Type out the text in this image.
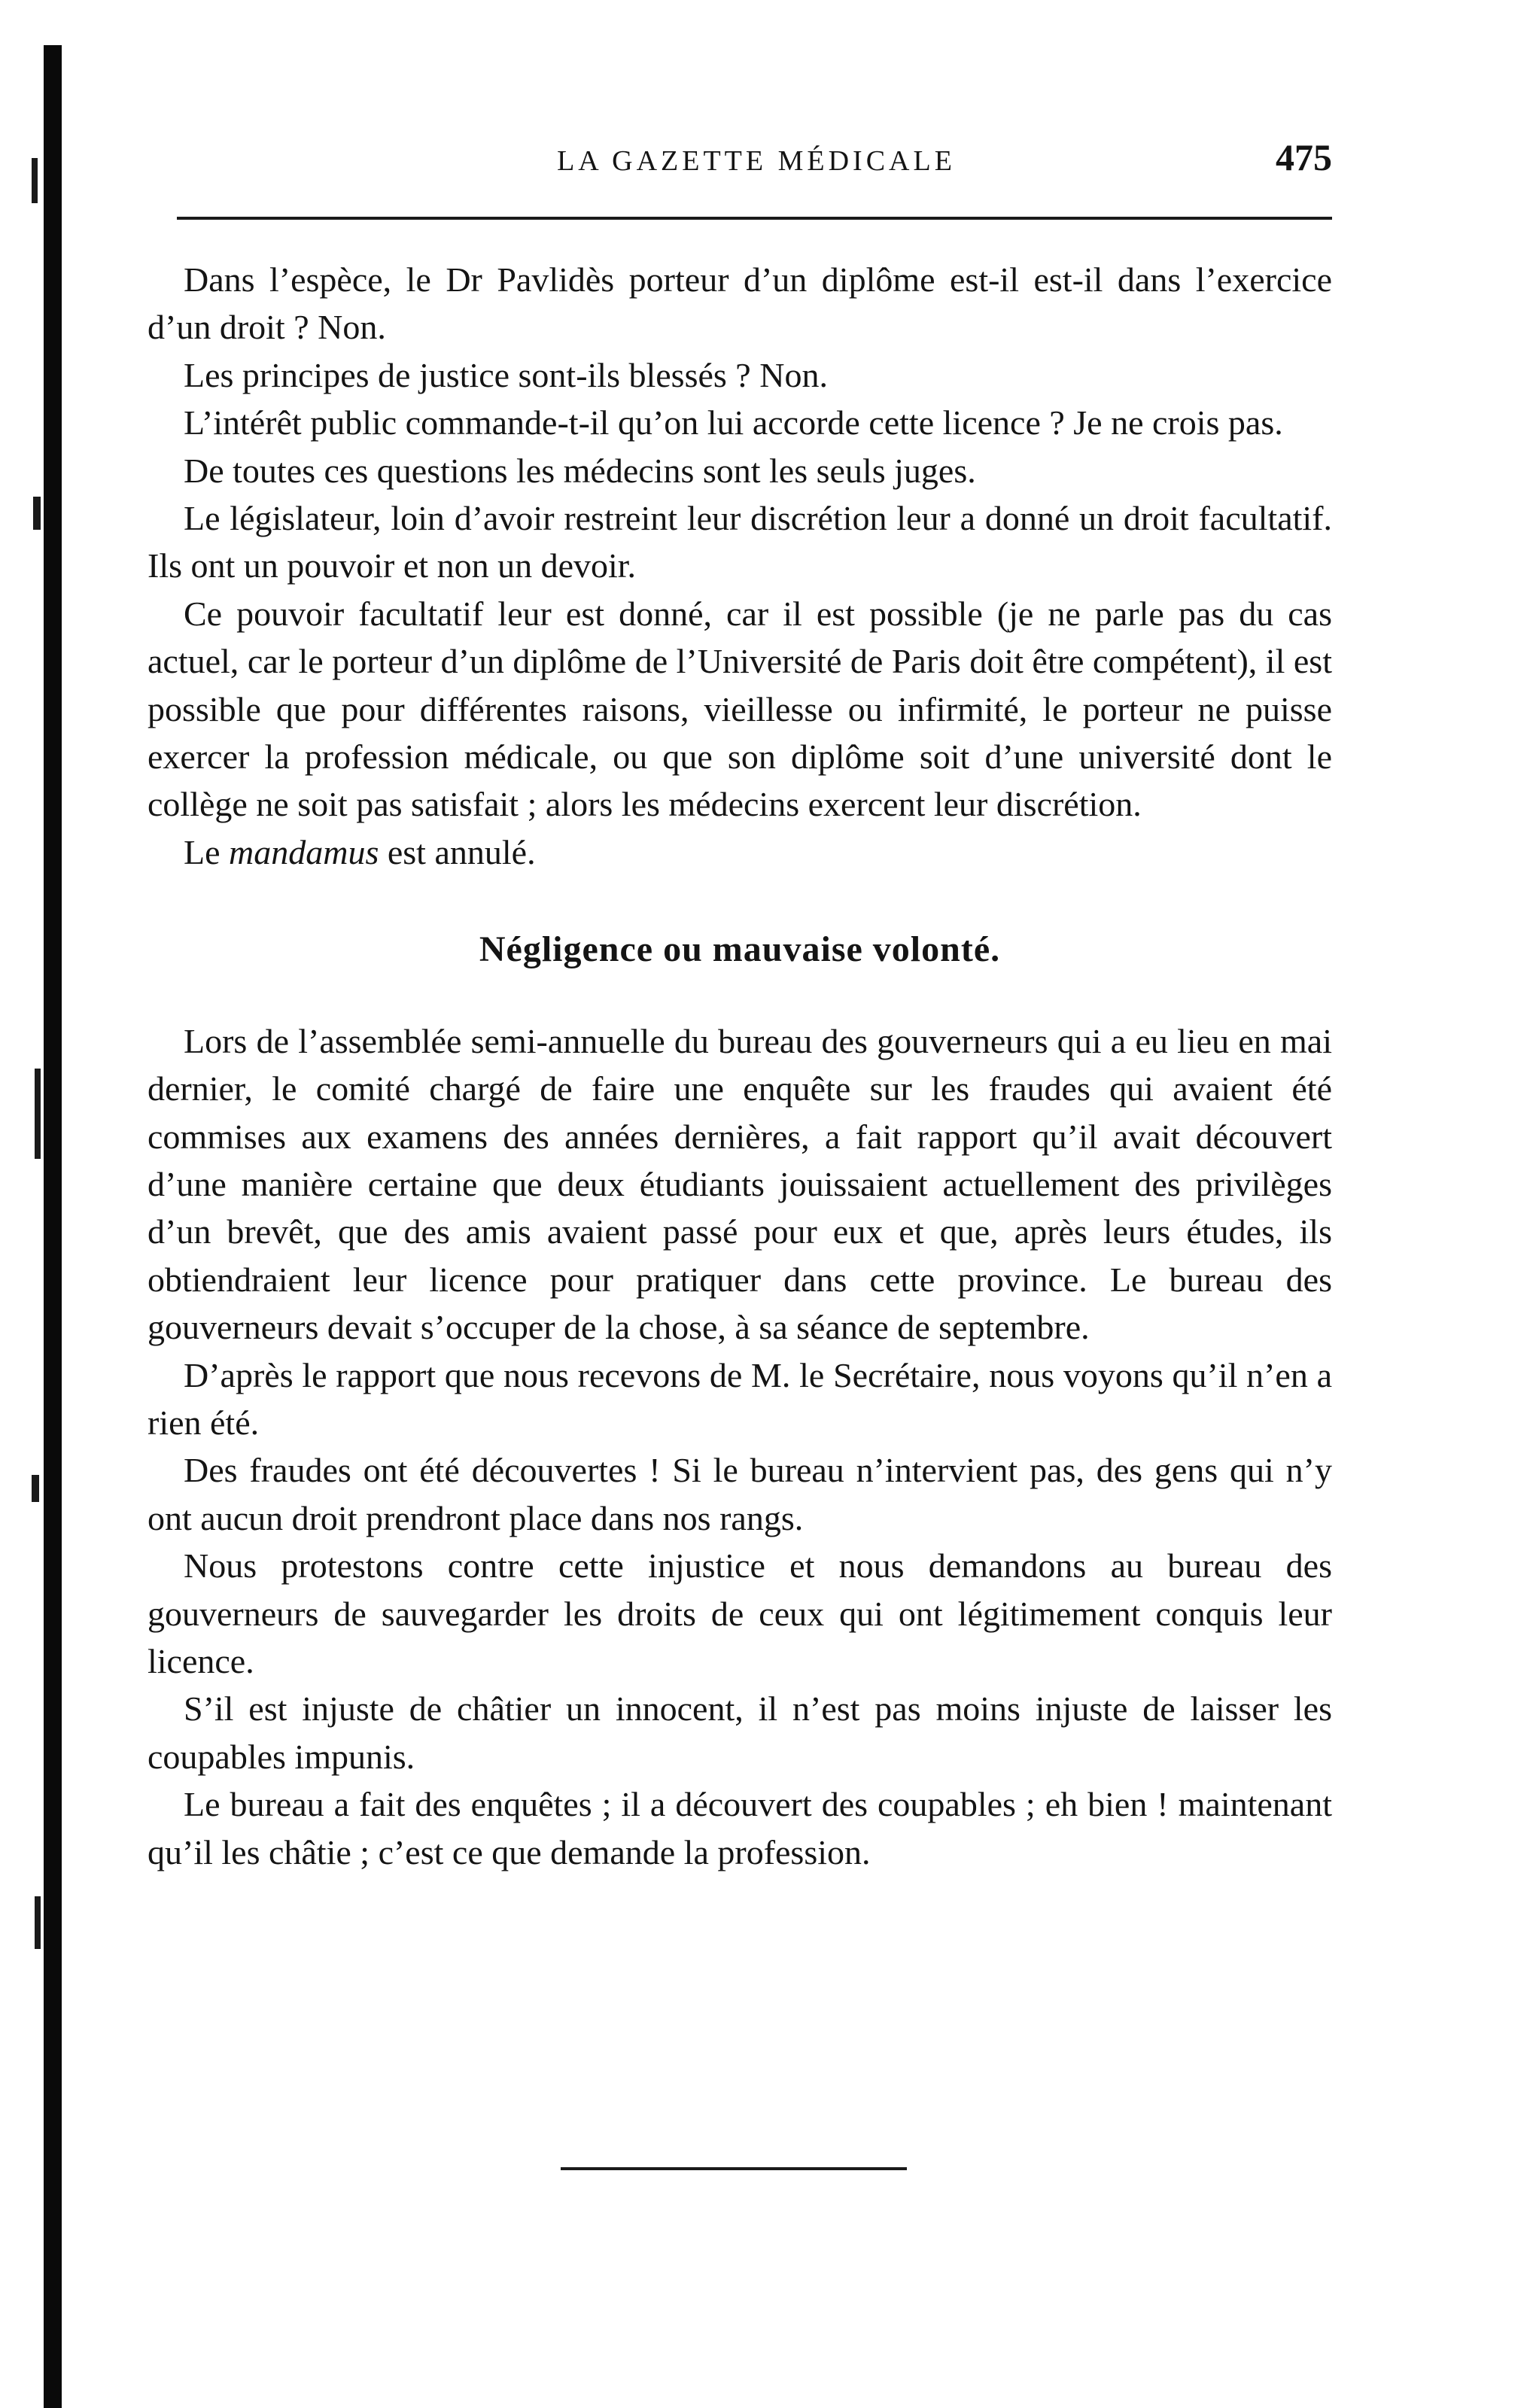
LA GAZETTE MÉDICALE	475

Dans l’espèce, le Dr Pavlidès porteur d’un diplôme est-il est-il dans l’exercice d’un droit ? Non.

Les principes de justice sont-ils blessés ? Non.

L’intérêt public commande-t-il qu’on lui accorde cette licence ? Je ne crois pas.

De toutes ces questions les médecins sont les seuls juges.

Le législateur, loin d’avoir restreint leur discrétion leur a donné un droit facultatif. Ils ont un pouvoir et non un devoir.

Ce pouvoir facultatif leur est donné, car il est possible (je ne parle pas du cas actuel, car le porteur d’un diplôme de l’Université de Paris doit être compétent), il est possible que pour différentes raisons, vieillesse ou infirmité, le porteur ne puisse exercer la profession médicale, ou que son diplôme soit d’une université dont le collège ne soit pas satisfait ; alors les médecins exercent leur discrétion.

Le mandamus est annulé.

Négligence ou mauvaise volonté.

Lors de l’assemblée semi-annuelle du bureau des gouverneurs qui a eu lieu en mai dernier, le comité chargé de faire une enquête sur les fraudes qui avaient été commises aux examens des années dernières, a fait rapport qu’il avait découvert d’une manière certaine que deux étudiants jouissaient actuellement des privilèges d’un brevêt, que des amis avaient passé pour eux et que, après leurs études, ils obtiendraient leur licence pour pratiquer dans cette province. Le bureau des gouverneurs devait s’occuper de la chose, à sa séance de septembre.

D’après le rapport que nous recevons de M. le Secrétaire, nous voyons qu’il n’en a rien été.

Des fraudes ont été découvertes ! Si le bureau n’intervient pas, des gens qui n’y ont aucun droit prendront place dans nos rangs.

Nous protestons contre cette injustice et nous demandons au bureau des gouverneurs de sauvegarder les droits de ceux qui ont légitimement conquis leur licence.

S’il est injuste de châtier un innocent, il n’est pas moins injuste de laisser les coupables impunis.

Le bureau a fait des enquêtes ; il a découvert des coupables ; eh bien ! maintenant qu’il les châtie ; c’est ce que demande la profession.
